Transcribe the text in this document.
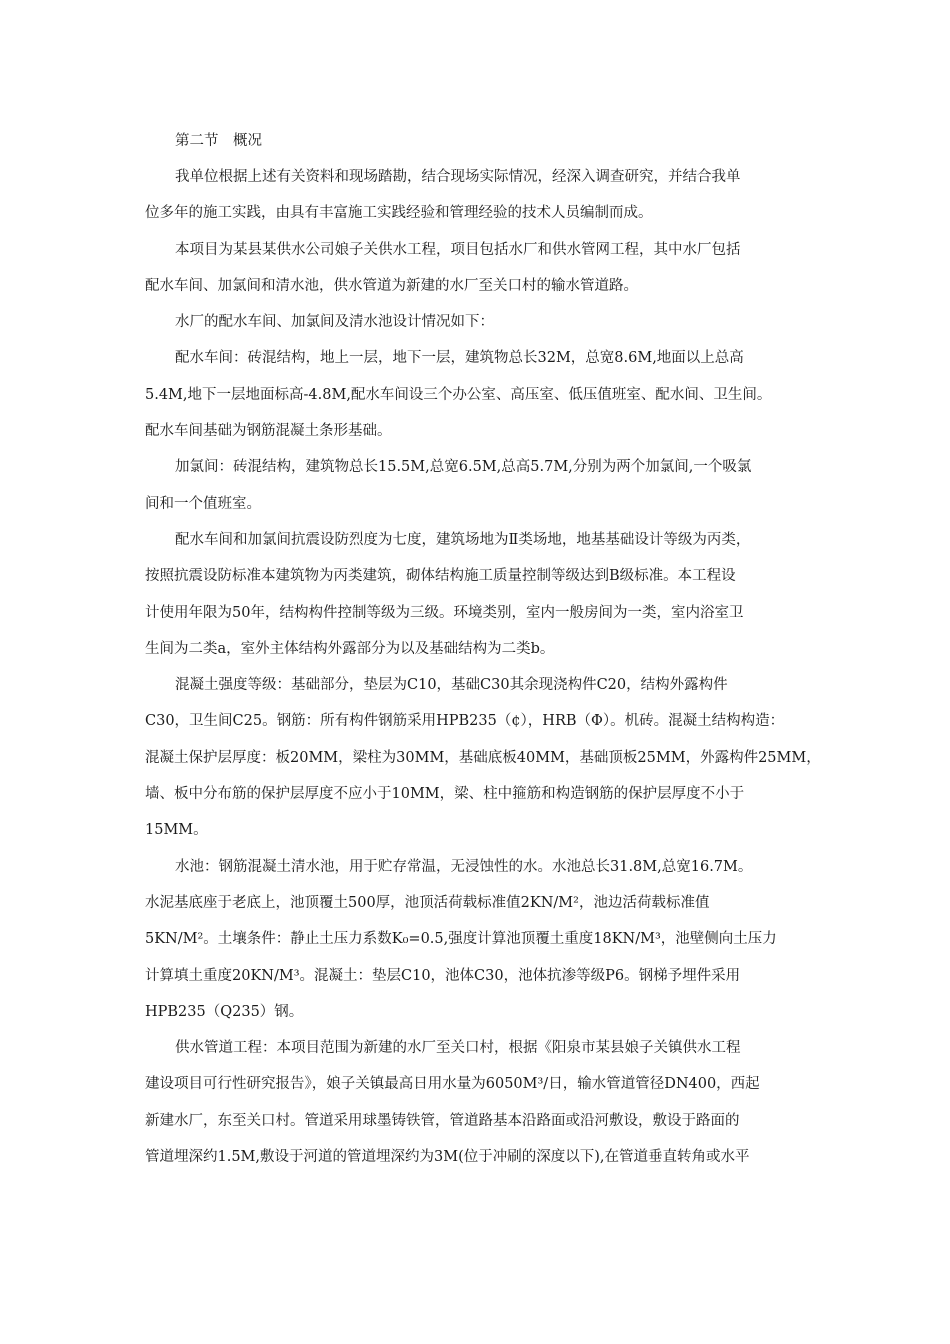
第二节　概况

我单位根据上述有关资料和现场踏勘，结合现场实际情况，经深入调查研究，并结合我单
位多年的施工实践，由具有丰富施工实践经验和管理经验的技术人员编制而成。

本项目为某县某供水公司娘子关供水工程，项目包括水厂和供水管网工程，其中水厂包括
配水车间、加氯间和清水池，供水管道为新建的水厂至关口村的输水管道路。

水厂的配水车间、加氯间及清水池设计情况如下：

配水车间：砖混结构，地上一层，地下一层，建筑物总长32M，总宽8.6M,地面以上总高
5.4M,地下一层地面标高-4.8M,配水车间设三个办公室、高压室、低压值班室、配水间、卫生间。
配水车间基础为钢筋混凝土条形基础。

加氯间：砖混结构，建筑物总长15.5M,总宽6.5M,总高5.7M,分别为两个加氯间,一个吸氯
间和一个值班室。

配水车间和加氯间抗震设防烈度为七度，建筑场地为Ⅱ类场地，地基基础设计等级为丙类，
按照抗震设防标准本建筑物为丙类建筑，砌体结构施工质量控制等级达到B级标准。本工程设
计使用年限为50年，结构构件控制等级为三级。环境类别，室内一般房间为一类，室内浴室卫
生间为二类a，室外主体结构外露部分为以及基础结构为二类b。

混凝土强度等级：基础部分，垫层为C10，基础C30其余现浇构件C20，结构外露构件
C30，卫生间C25。钢筋：所有构件钢筋采用HPB235（¢），HRB（Φ）。机砖。混凝土结构构造：
混凝土保护层厚度：板20MM，梁柱为30MM，基础底板40MM，基础顶板25MM，外露构件25MM，
墙、板中分布筋的保护层厚度不应小于10MM，梁、柱中箍筋和构造钢筋的保护层厚度不小于
15MM。

水池：钢筋混凝土清水池，用于贮存常温，无浸蚀性的水。水池总长31.8M,总宽16.7M。
水泥基底座于老底上，池顶覆土500厚，池顶活荷载标准值2KN/M²，池边活荷载标准值
5KN/M²。土壤条件：静止土压力系数K₀=0.5,强度计算池顶覆土重度18KN/M³，池壁侧向土压力
计算填土重度20KN/M³。混凝土：垫层C10，池体C30，池体抗渗等级P6。钢梯予埋件采用
HPB235（Q235）钢。

供水管道工程：本项目范围为新建的水厂至关口村，根据《阳泉市某县娘子关镇供水工程
建设项目可行性研究报告》，娘子关镇最高日用水量为6050M³/日，输水管道管径DN400，西起
新建水厂，东至关口村。管道采用球墨铸铁管，管道路基本沿路面或沿河敷设，敷设于路面的
管道埋深约1.5M,敷设于河道的管道埋深约为3M(位于冲刷的深度以下),在管道垂直转角或水平
